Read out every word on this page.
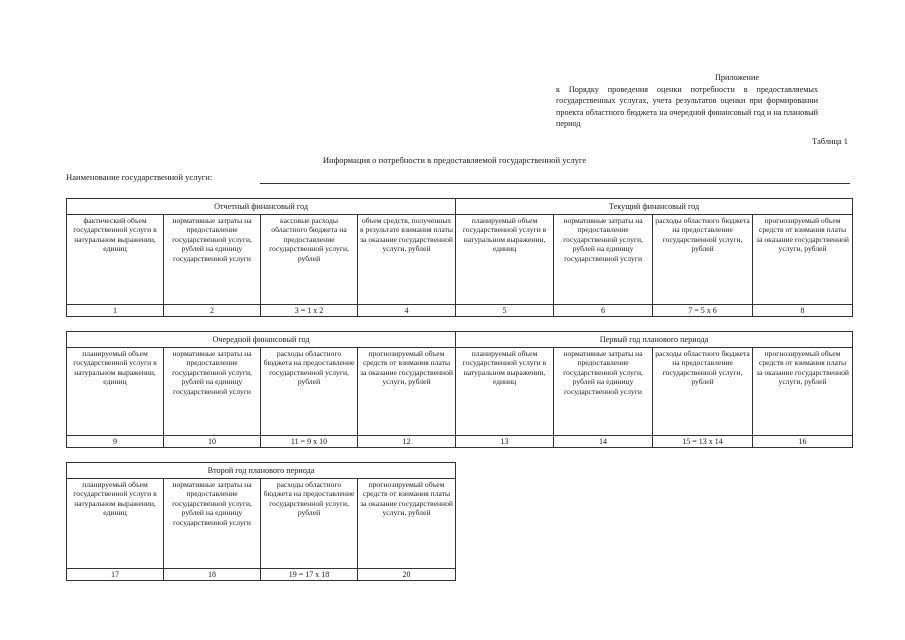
Приложение
к Порядку проведения оценки потребности в предоставляемых государственных услугах, учета результатов оценки при формировании проекта областного бюджета на очередной финансовый год и на плановый период
Таблица 1
Информация о потребности в предоставляемой государственной услуге
Наименование государственной услуги:
Отчетный финансовый год				Текущий финансовый год			
фактический объем государственной услуги в натуральном выражении, единиц	нормативные затраты на предоставление государственной услуги, рублей на единицу государственной услуги	кассовые расходы областного бюджета на предоставление государственной услуги, рублей	объем средств, полученных в результате взимания платы за оказание государственной услуги, рублей	планируемый объем государственной услуги в натуральном выражении, единиц	нормативные затраты на предоставление государственной услуги, рублей на единицу государственной услуги	расходы областного бюджета на предоставление государственной услуги, рублей	прогнозируемый объем средств от взимания платы за оказание государственной услуги, рублей
1	2	3 = 1 x 2	4	5	6	7 = 5 х 6	8
Очередной финансовый год				Первый год планового периода			
планируемый объем государственной услуги в натуральном выражении, единиц	нормативные затраты на предоставление государственной услуги, рублей на единицу государственной услуги	расходы областного бюджета на предоставление государственной услуги, рублей	прогнозируемый объем средств от взимания платы за оказание государственной услуги, рублей	планируемый объем государственной услуги в натуральном выражении, единиц	нормативные затраты на предоставление государственной услуги, рублей на единицу государственной услуги	расходы областного бюджета на предоставление государственной услуги, рублей	прогнозируемый объем средств от взимания платы за оказание государственной услуги, рублей
9	10	11 = 9 х 10	12	13	14	15 = 13 х 14	16
Второй год планового периода			
планируемый объем государственной услуги в натуральном выражении, единиц	нормативные затраты на предоставление государственной услуги, рублей на единицу государственной услуги	расходы областного бюджета на предоставление государственной услуги, рублей	прогнозируемый объем средств от взимания платы за оказание государственной услуги, рублей
17	18	19 = 17 х 18	20
